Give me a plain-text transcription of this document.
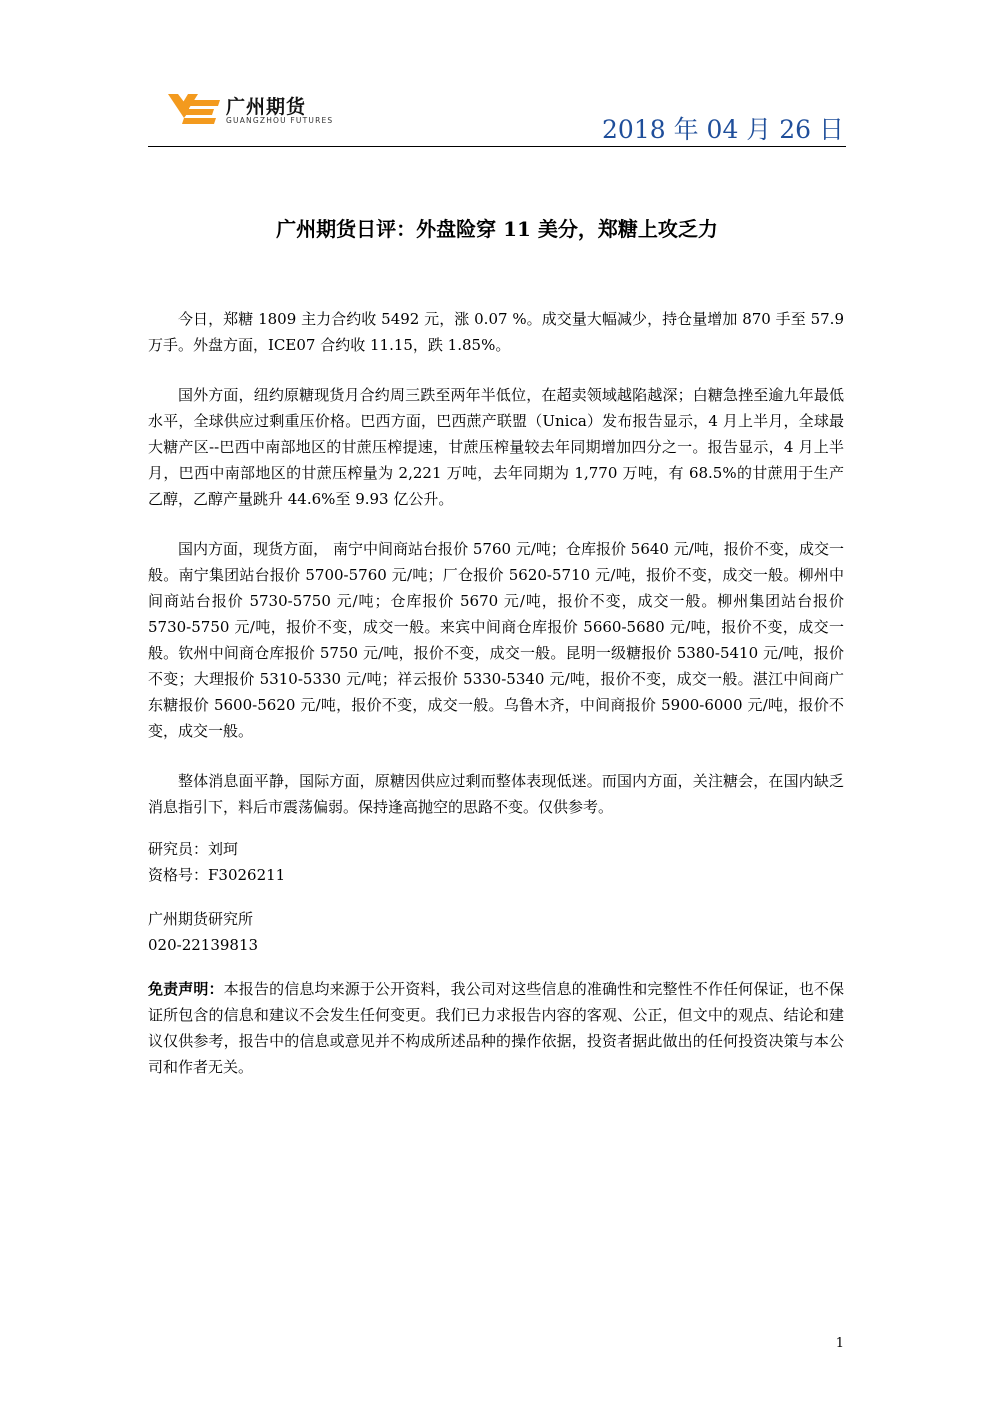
广州期货
GUANGZHOU FUTURES	2018 年 04 月 26 日
广州期货日评：外盘险穿 11 美分，郑糖上攻乏力

今日，郑糖 1809 主力合约收 5492 元，涨 0.07 %。成交量大幅减少，持仓量增加 870 手至 57.9 万手。外盘方面，ICE07 合约收 11.15，跌 1.85%。

国外方面，纽约原糖现货月合约周三跌至两年半低位，在超卖领域越陷越深；白糖急挫至逾九年最低水平，全球供应过剩重压价格。巴西方面，巴西蔗产联盟（Unica）发布报告显示，4 月上半月，全球最大糖产区--巴西中南部地区的甘蔗压榨提速，甘蔗压榨量较去年同期增加四分之一。报告显示，4 月上半月，巴西中南部地区的甘蔗压榨量为 2,221 万吨，去年同期为 1,770 万吨，有 68.5%的甘蔗用于生产乙醇，乙醇产量跳升 44.6%至 9.93 亿公升。

国内方面，现货方面， 南宁中间商站台报价 5760 元/吨；仓库报价 5640 元/吨，报价不变，成交一般。南宁集团站台报价 5700-5760 元/吨；厂仓报价 5620-5710 元/吨，报价不变，成交一般。柳州中间商站台报价 5730-5750 元/吨；仓库报价 5670 元/吨，报价不变，成交一般。柳州集团站台报价 5730-5750 元/吨，报价不变，成交一般。来宾中间商仓库报价 5660-5680 元/吨，报价不变，成交一般。钦州中间商仓库报价 5750 元/吨，报价不变，成交一般。昆明一级糖报价 5380-5410 元/吨，报价不变；大理报价 5310-5330 元/吨；祥云报价 5330-5340 元/吨，报价不变，成交一般。湛江中间商广东糖报价 5600-5620 元/吨，报价不变，成交一般。乌鲁木齐，中间商报价 5900-6000 元/吨，报价不变，成交一般。

整体消息面平静，国际方面，原糖因供应过剩而整体表现低迷。而国内方面，关注糖会，在国内缺乏消息指引下，料后市震荡偏弱。保持逢高抛空的思路不变。仅供参考。

研究员：刘珂

资格号：F3026211

广州期货研究所

020-22139813

免责声明：本报告的信息均来源于公开资料，我公司对这些信息的准确性和完整性不作任何保证，也不保证所包含的信息和建议不会发生任何变更。我们已力求报告内容的客观、公正，但文中的观点、结论和建议仅供参考，报告中的信息或意见并不构成所述品种的操作依据，投资者据此做出的任何投资决策与本公司和作者无关。

1
